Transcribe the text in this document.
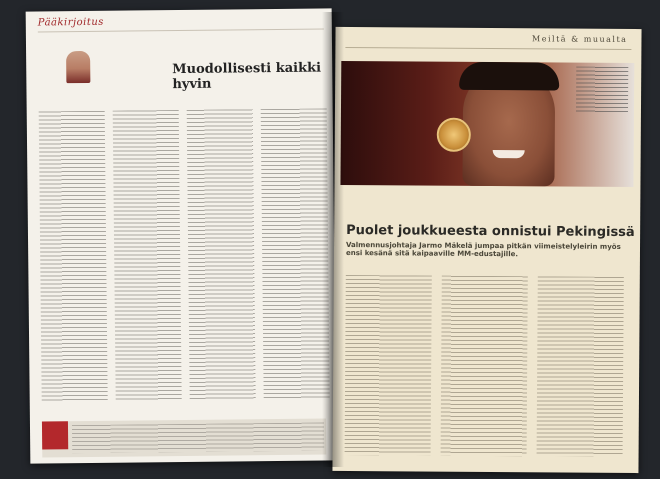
Pääkirjoitus
Muodollisesti kaikki hyvin
Meiltä & muualta
Puolet joukkueesta onnistui Pekingissä
Valmennusjohtaja Jarmo Mäkelä jumpaa pitkän viimeistelyleirin myös ensi kesänä sitä kaipaaville MM-edustajille.
